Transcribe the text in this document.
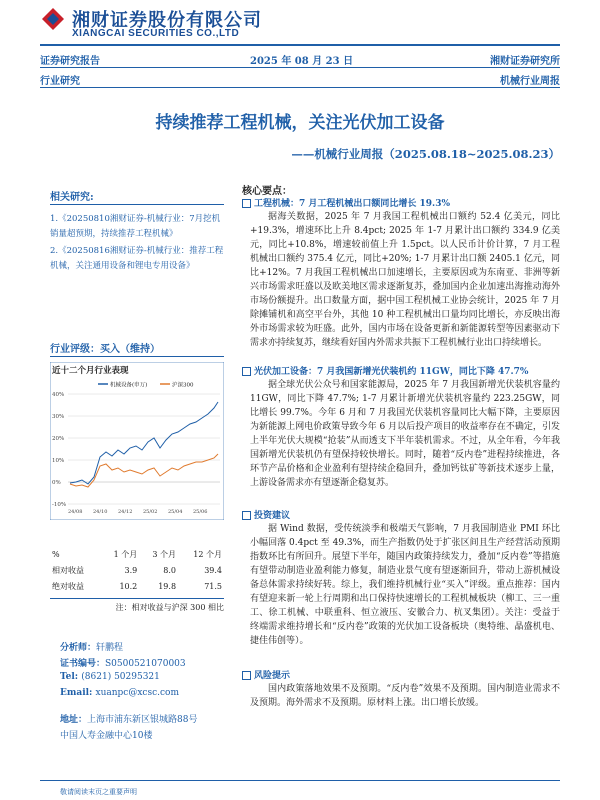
湘财证券股份有限公司
XIANGCAI SECURITIES CO.,LTD
证券研究报告	2025 年 08 月 23 日	湘财证券研究所
行业研究	机械行业周报
持续推荐工程机械，关注光伏加工设备
——机械行业周报（2025.08.18~2025.08.23）
相关研究:
1.《20250810湘财证券-机械行业：7月挖机销量超预期，持续推荐工程机械》
2.《20250816湘财证券-机械行业：推荐工程机械，关注通用设备和锂电专用设备》
行业评级：买入（维持）
近十二个月行业表现
机械设备(申万)	沪深300
40%
30%
20%
10%
0%
-10%
24/08 24/10 24/12 25/02 25/04 25/06
%	1 个月	3 个月	12 个月
相对收益	3.9	8.0	39.4
绝对收益	10.2	19.8	71.5
注：相对收益与沪深 300 相比
分析师：轩鹏程
证书编号：S0500521070003
Tel: (8621) 50295321
Email: xuanpc@xcsc.com
地址：上海市浦东新区银城路88号
中国人寿金融中心10楼
核心要点：
工程机械：7 月工程机械出口额同比增长 19.3%
据海关数据，2025 年 7 月我国工程机械出口额约 52.4 亿美元，同比+19.3%，增速环比上升 8.4pct; 2025 年 1-7 月累计出口额约 334.9 亿美元，同比+10.8%，增速较前值上升 1.5pct。以人民币计价计算，7 月工程机械出口额约 375.4 亿元，同比+20%; 1-7 月累计出口额 2405.1 亿元，同比+12%。7 月我国工程机械出口加速增长，主要原因或为东南亚、非洲等新兴市场需求旺盛以及欧美地区需求逐渐复苏，叠加国内企业加速出海推动海外市场份额提升。出口数量方面，据中国工程机械工业协会统计，2025 年 7 月除摊铺机和高空平台外，其他 10 种工程机械出口量均同比增长，亦反映出海外市场需求较为旺盛。此外，国内市场在设备更新和新能源转型等因素驱动下需求亦持续复苏，继续看好国内外需求共振下工程机械行业出口持续增长。
光伏加工设备：7 月我国新增光伏装机约 11GW，同比下降 47.7%
据全球光伏公众号和国家能源局，2025 年 7 月我国新增光伏装机容量约 11GW，同比下降 47.7%; 1-7 月累计新增光伏装机容量约 223.25GW，同比增长 99.7%。今年 6 月和 7 月我国光伏装机容量同比大幅下降，主要原因为新能源上网电价政策导致今年 6 月以后投产项目的收益率存在不确定，引发上半年光伏大规模“抢装”从而透支下半年装机需求。不过，从全年看，今年我国新增光伏装机仍有望保持较快增长。同时，随着“反内卷”进程持续推进，各环节产品价格和企业盈利有望持续企稳回升，叠加钙钛矿等新技术逐步上量，上游设备需求亦有望逐渐企稳复苏。
投资建议
据 Wind 数据，受传统淡季和极端天气影响，7 月我国制造业 PMI 环比小幅回落 0.4pct 至 49.3%，而生产指数仍处于扩张区间且生产经营活动预期指数环比有所回升。展望下半年，随国内政策持续发力，叠加“反内卷”等措施有望带动制造业盈利能力修复，制造业景气度有望逐渐回升，带动上游机械设备总体需求持续好转。综上，我们维持机械行业“买入”评级。重点推荐：国内有望迎来新一轮上行周期和出口保持快速增长的工程机械板块（柳工、三一重工、徐工机械、中联重科、恒立液压、安徽合力、杭叉集团）。关注：受益于终端需求维持增长和“反内卷”政策的光伏加工设备板块（奥特维、晶盛机电、捷佳伟创等）。
风险提示
国内政策落地效果不及预期。“反内卷”效果不及预期。国内制造业需求不及预期。海外需求不及预期。原材料上涨。出口增长放缓。
敬请阅读末页之重要声明
